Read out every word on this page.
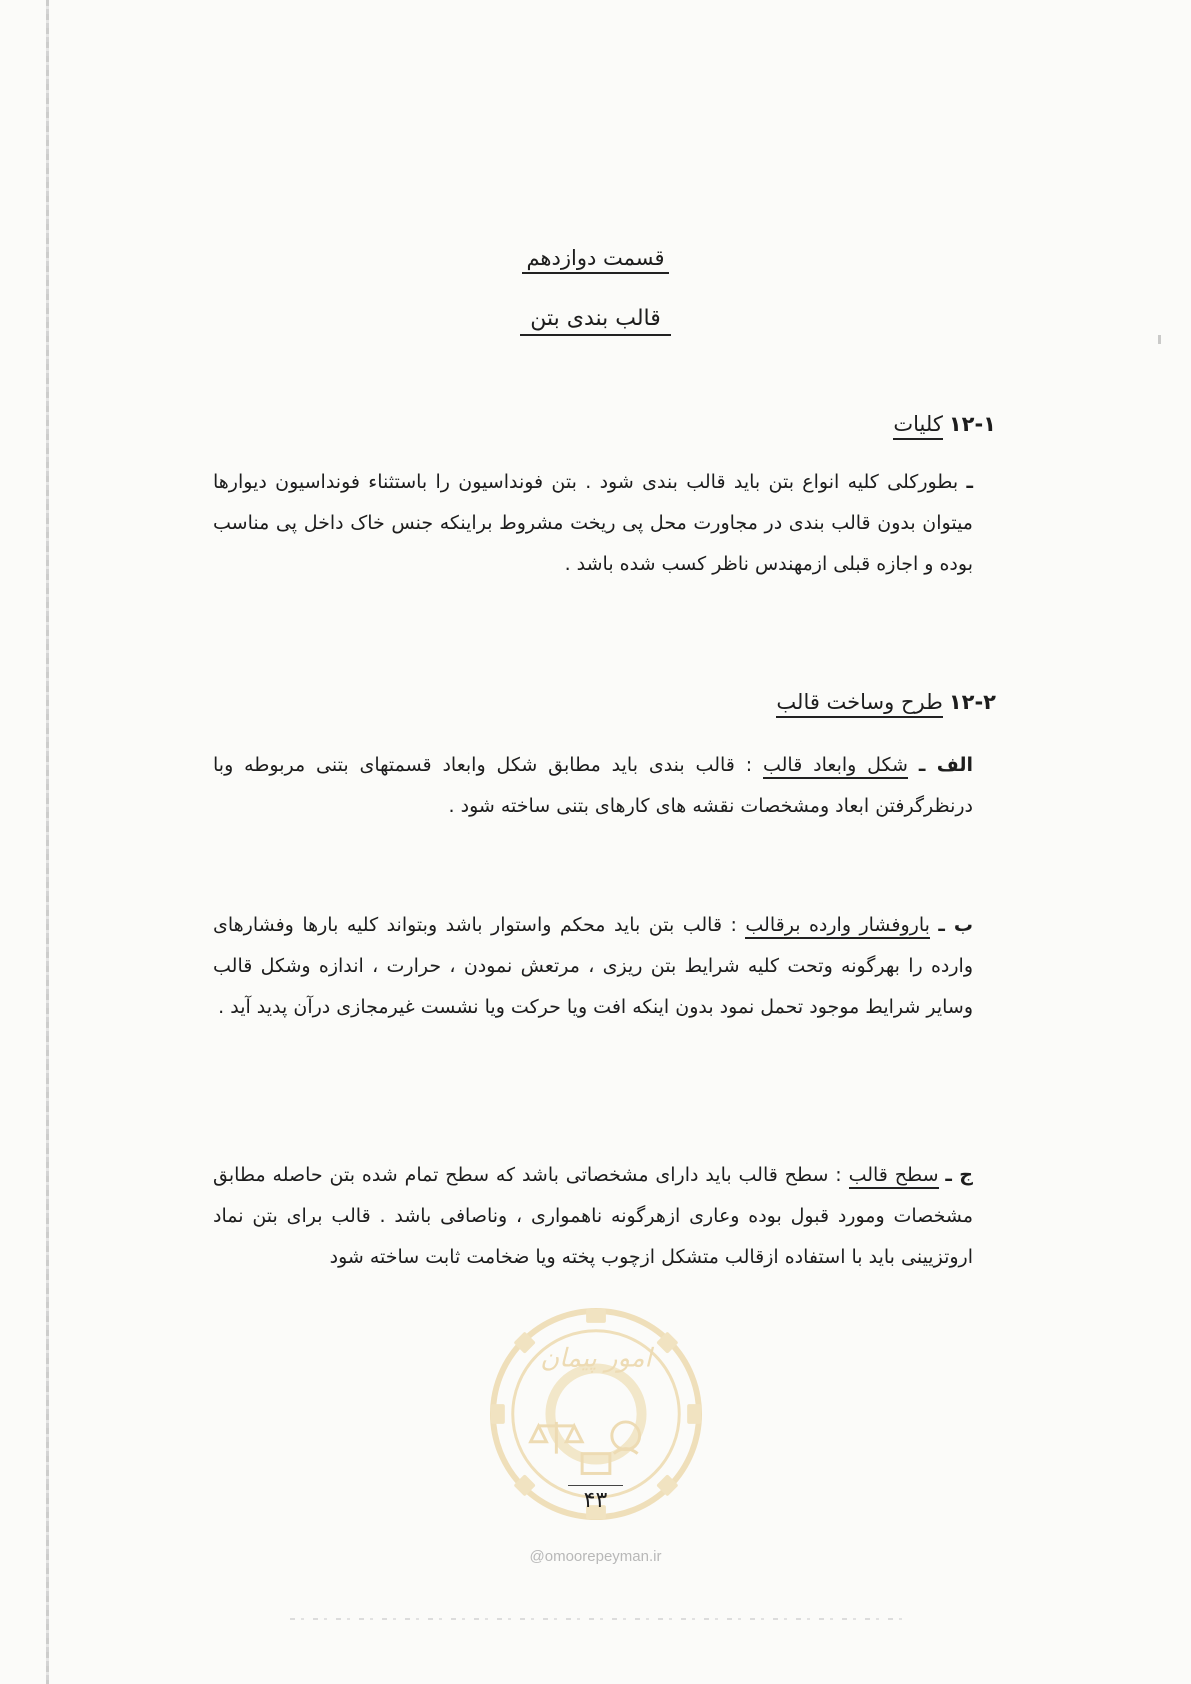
قسمت دوازدهم
قالب بندی بتن
۱۲-۱کلیات
ـ بطورکلی کلیه انواع بتن باید قالب بندی شود . بتن فونداسیون را باستثناء فونداسیون دیوارها میتوان بدون قالب بندی در مجاورت محل پی ریخت مشروط براینکه جنس خاک داخل پی مناسب بوده و اجازه قبلی ازمهندس ناظر کسب شده باشد .
۱۲-۲طرح وساخت قالب
الف ـ شکل وابعاد قالب : قالب بندی باید مطابق شکل وابعاد قسمتهای بتنی مربوطه وبا درنظرگرفتن ابعاد ومشخصات نقشه های کارهای بتنی ساخته شود .
ب ـ باروفشار وارده برقالب : قالب بتن باید محکم واستوار باشد وبتواند کلیه بارها وفشارهای وارده را بهرگونه وتحت کلیه شرایط بتن ریزی ، مرتعش نمودن ، حرارت ، اندازه وشکل قالب وسایر شرایط موجود تحمل نمود بدون اینکه افت ویا حرکت ویا نشست غیرمجازی درآن پدید آید .
ج ـ سطح قالب : سطح قالب باید دارای مشخصاتی باشد که سطح تمام شده بتن حاصله مطابق مشخصات ومورد قبول بوده وعاری ازهرگونه ناهمواری ، وناصافی باشد . قالب برای بتن نماد اروتزیینی باید با استفاده ازقالب متشکل ازچوب پخته ویا ضخامت ثابت ساخته شود
امور پیمان
۴۳
@omoorepeyman.ir
